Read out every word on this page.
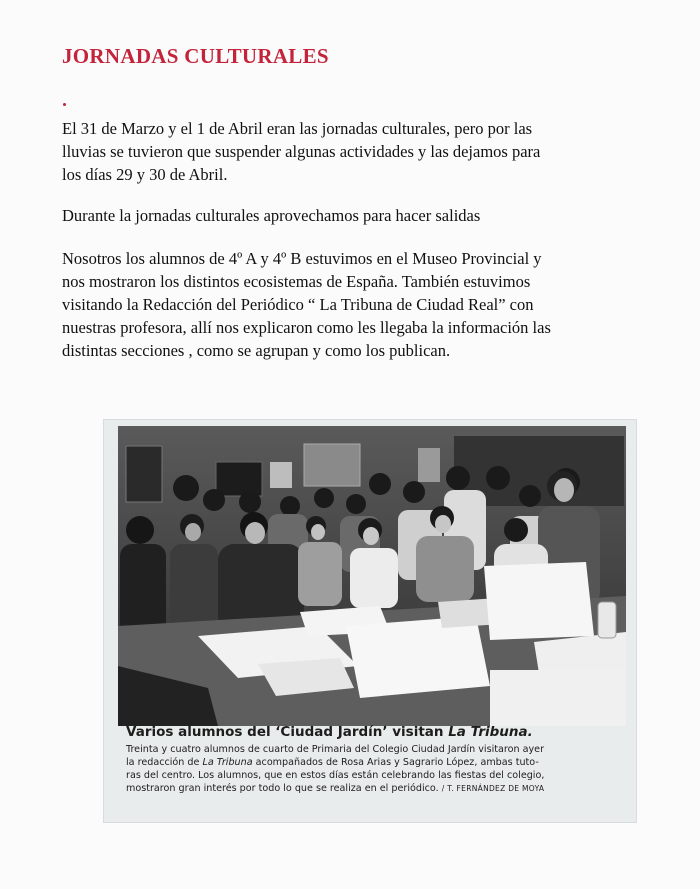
JORNADAS CULTURALES
El 31 de Marzo y el 1 de Abril eran las jornadas culturales, pero por las
lluvias se tuvieron que suspender algunas actividades y las dejamos para
los días 29 y 30 de Abril.
Durante la jornadas culturales aprovechamos para hacer salidas
Nosotros los alumnos de 4º A y 4º B estuvimos en el Museo Provincial y
nos mostraron los distintos ecosistemas de España. También estuvimos
visitando la Redacción del Periódico “ La Tribuna de Ciudad Real” con
nuestras profesora, allí nos explicaron como les llegaba la información las
distintas secciones , como se agrupan y como los publican.
Varios alumnos del ‘Ciudad Jardín’ visitan La Tribuna.
Treinta y cuatro alumnos de cuarto de Primaria del Colegio Ciudad Jardín visitaron ayer
la redacción de La Tribuna acompañados de Rosa Arias y Sagrario López, ambas tuto-
ras del centro. Los alumnos, que en estos días están celebrando las fiestas del colegio,
mostraron gran interés por todo lo que se realiza en el periódico. / T. FERNÁNDEZ DE MOYA
